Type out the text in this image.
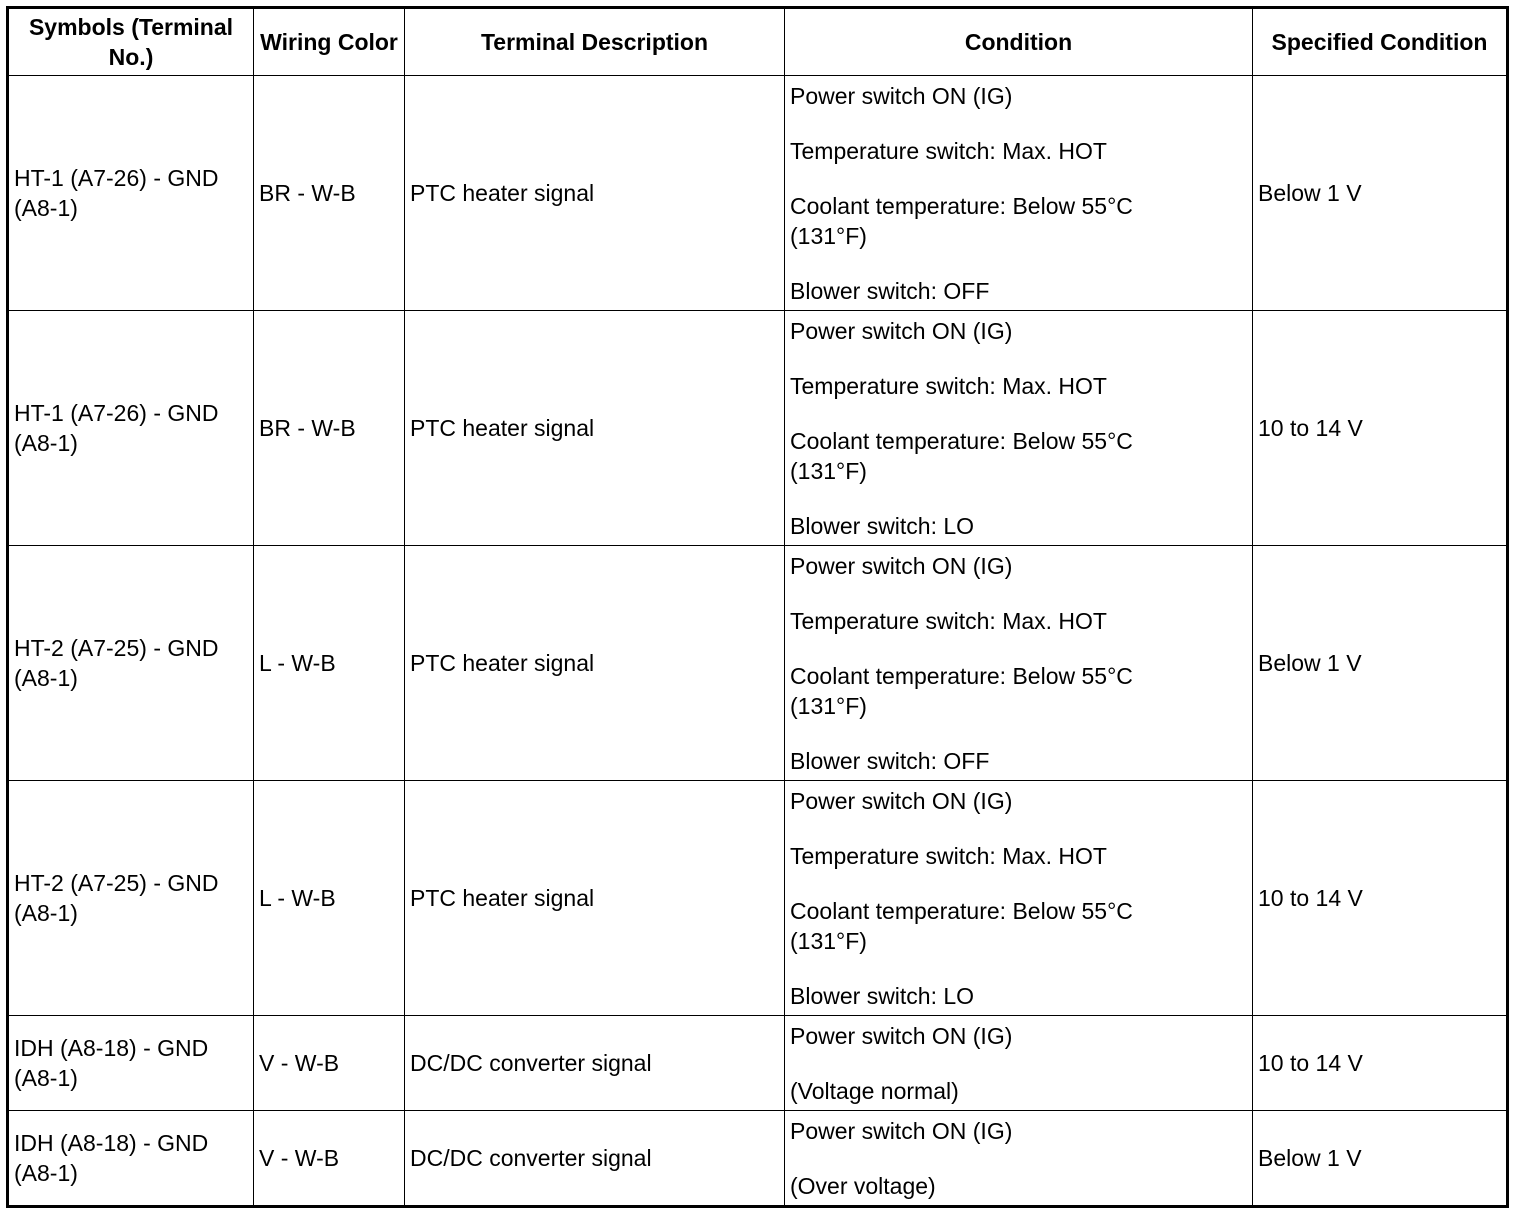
Symbols (Terminal No.)	Wiring Color	Terminal Description	Condition	Specified Condition
HT-1 (A7-26) - GND (A8-1)	BR - W-B	PTC heater signal	Power switch ON (IG)
Temperature switch: Max. HOT
Coolant temperature: Below 55°C
(131°F)
Blower switch: OFF	Below 1 V
HT-1 (A7-26) - GND (A8-1)	BR - W-B	PTC heater signal	Power switch ON (IG)
Temperature switch: Max. HOT
Coolant temperature: Below 55°C
(131°F)
Blower switch: LO	10 to 14 V
HT-2 (A7-25) - GND (A8-1)	L - W-B	PTC heater signal	Power switch ON (IG)
Temperature switch: Max. HOT
Coolant temperature: Below 55°C
(131°F)
Blower switch: OFF	Below 1 V
HT-2 (A7-25) - GND (A8-1)	L - W-B	PTC heater signal	Power switch ON (IG)
Temperature switch: Max. HOT
Coolant temperature: Below 55°C
(131°F)
Blower switch: LO	10 to 14 V
IDH (A8-18) - GND (A8-1)	V - W-B	DC/DC converter signal	Power switch ON (IG)
(Voltage normal)	10 to 14 V
IDH (A8-18) - GND (A8-1)	V - W-B	DC/DC converter signal	Power switch ON (IG)
(Over voltage)	Below 1 V
